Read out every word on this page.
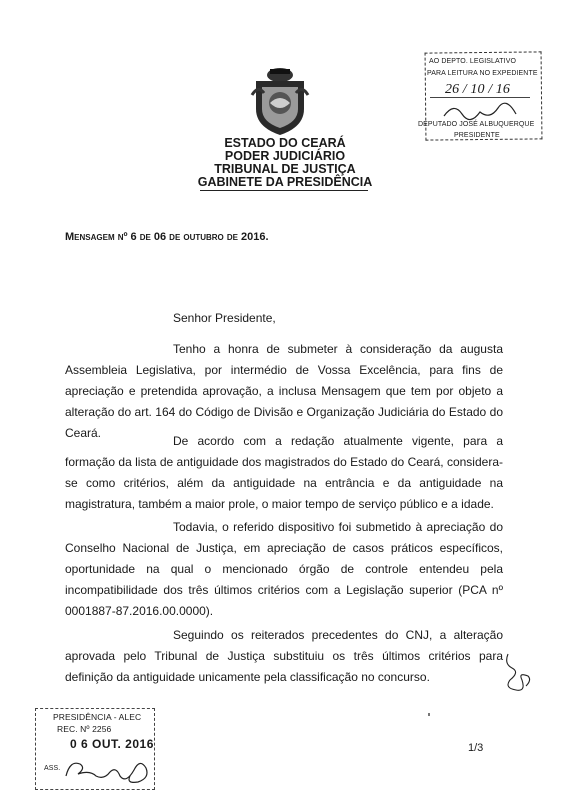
ESTADO DO CEARÁ
PODER JUDICIÁRIO
TRIBUNAL DE JUSTIÇA
GABINETE DA PRESIDÊNCIA
AO DEPTO. LEGISLATIVO
PARA LEITURA NO EXPEDIENTE
26 / 10 / 16
DEPUTADO JOSÉ ALBUQUERQUE
PRESIDENTE
Mensagem nº 6 de 06 de outubro de 2016.
Senhor Presidente,
Tenho a honra de submeter à consideração da augusta Assembleia Legislativa, por intermédio de Vossa Excelência, para fins de apreciação e pretendida aprovação, a inclusa Mensagem que tem por objeto a alteração do art. 164 do Código de Divisão e Organização Judiciária do Estado do Ceará.
De acordo com a redação atualmente vigente, para a formação da lista de antiguidade dos magistrados do Estado do Ceará, considera-se como critérios, além da antiguidade na entrância e da antiguidade na magistratura, também a maior prole, o maior tempo de serviço público e a idade.
Todavia, o referido dispositivo foi submetido à apreciação do Conselho Nacional de Justiça, em apreciação de casos práticos específicos, oportunidade na qual o mencionado órgão de controle entendeu pela incompatibilidade dos três últimos critérios com a Legislação superior (PCA nº 0001887-87.2016.00.0000).
Seguindo os reiterados precedentes do CNJ, a alteração aprovada pelo Tribunal de Justiça substituiu os três últimos critérios para definição da antiguidade unicamente pela classificação no concurso.
PRESIDÊNCIA - ALEC
REC. Nº 2256
0 6 OUT. 2016
ASS.
1/3
